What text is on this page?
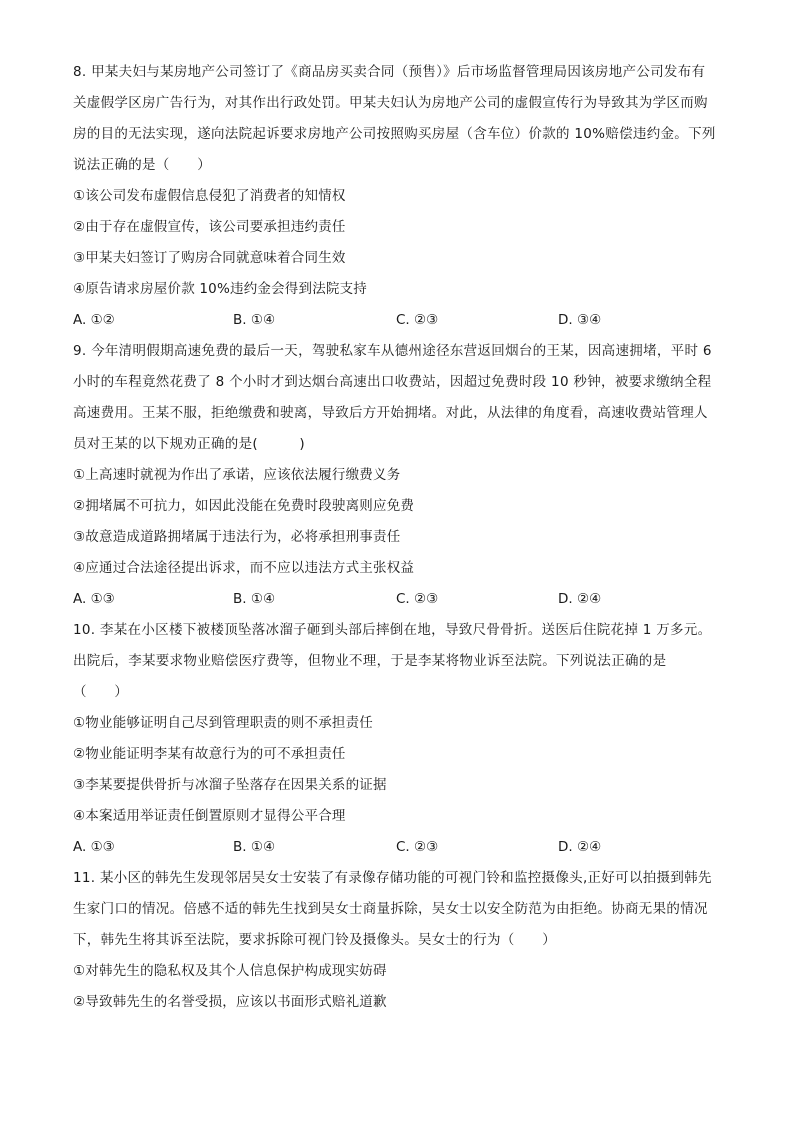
8. 甲某夫妇与某房地产公司签订了《商品房买卖合同（预售）》后市场监督管理局因该房地产公司发布有
关虚假学区房广告行为，对其作出行政处罚。甲某夫妇认为房地产公司的虚假宣传行为导致其为学区而购
房的目的无法实现，遂向法院起诉要求房地产公司按照购买房屋（含车位）价款的 10%赔偿违约金。下列
说法正确的是（　　）
①该公司发布虚假信息侵犯了消费者的知情权
②由于存在虚假宣传，该公司要承担违约责任
③甲某夫妇签订了购房合同就意味着合同生效
④原告请求房屋价款 10%违约金会得到法院支持
A. ①②	B. ①④	C. ②③	D. ③④
9. 今年清明假期高速免费的最后一天，驾驶私家车从德州途径东营返回烟台的王某，因高速拥堵，平时 6
小时的车程竟然花费了 8 个小时才到达烟台高速出口收费站，因超过免费时段 10 秒钟，被要求缴纳全程
高速费用。王某不服，拒绝缴费和驶离，导致后方开始拥堵。对此，从法律的角度看，高速收费站管理人
员对王某的以下规劝正确的是(　　　)
①上高速时就视为作出了承诺，应该依法履行缴费义务
②拥堵属不可抗力，如因此没能在免费时段驶离则应免费
③故意造成道路拥堵属于违法行为，必将承担刑事责任
④应通过合法途径提出诉求，而不应以违法方式主张权益
A. ①③	B. ①④	C. ②③	D. ②④
10. 李某在小区楼下被楼顶坠落冰溜子砸到头部后摔倒在地，导致尺骨骨折。送医后住院花掉 1 万多元。
出院后，李某要求物业赔偿医疗费等，但物业不理，于是李某将物业诉至法院。下列说法正确的是
（　　）
①物业能够证明自己尽到管理职责的则不承担责任
②物业能证明李某有故意行为的可不承担责任
③李某要提供骨折与冰溜子坠落存在因果关系的证据
④本案适用举证责任倒置原则才显得公平合理
A. ①③	B. ①④	C. ②③	D. ②④
11. 某小区的韩先生发现邻居吴女士安装了有录像存储功能的可视门铃和监控摄像头,正好可以拍摄到韩先
生家门口的情况。倍感不适的韩先生找到吴女士商量拆除，吴女士以安全防范为由拒绝。协商无果的情况
下，韩先生将其诉至法院，要求拆除可视门铃及摄像头。吴女士的行为（　　）
①对韩先生的隐私权及其个人信息保护构成现实妨碍
②导致韩先生的名誉受损，应该以书面形式赔礼道歉
